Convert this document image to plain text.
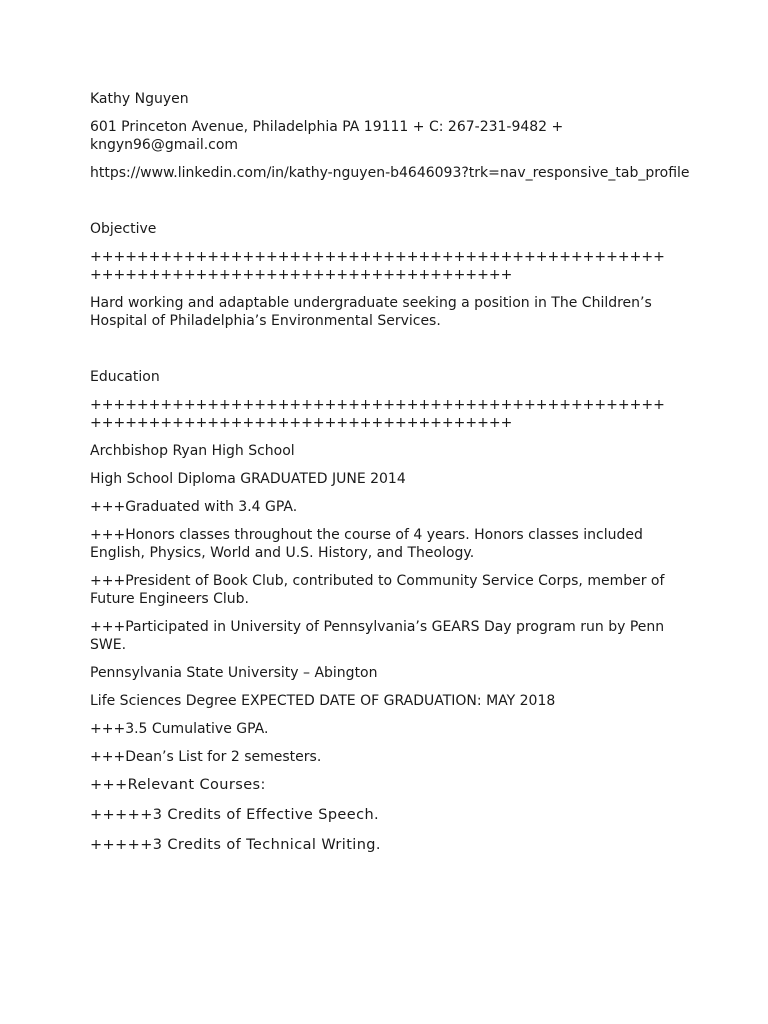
Kathy Nguyen

601 Princeton Avenue, Philadelphia PA 19111 + C: 267-231-9482 + kngyn96@gmail.com

https://www.linkedin.com/in/kathy-nguyen-b4646093?trk=nav_responsive_tab_profile

Objective

+++++++++++++++++++++++++++++++++++++++++++++++++++++++++++++++++++++++++++++++++++++

Hard working and adaptable undergraduate seeking a position in The Children’s Hospital of Philadelphia’s Environmental Services.

Education

+++++++++++++++++++++++++++++++++++++++++++++++++++++++++++++++++++++++++++++++++++++

Archbishop Ryan High School

High School Diploma GRADUATED JUNE 2014

+++Graduated with 3.4 GPA.

+++Honors classes throughout the course of 4 years. Honors classes included English, Physics, World and U.S. History, and Theology.

+++President of Book Club, contributed to Community Service Corps, member of Future Engineers Club.

+++Participated in University of Pennsylvania’s GEARS Day program run by Penn SWE.

Pennsylvania State University – Abington

Life Sciences Degree EXPECTED DATE OF GRADUATION: MAY 2018

+++3.5 Cumulative GPA.

+++Dean’s List for 2 semesters.

+++Relevant Courses:

+++++3 Credits of Effective Speech.

+++++3 Credits of Technical Writing.
